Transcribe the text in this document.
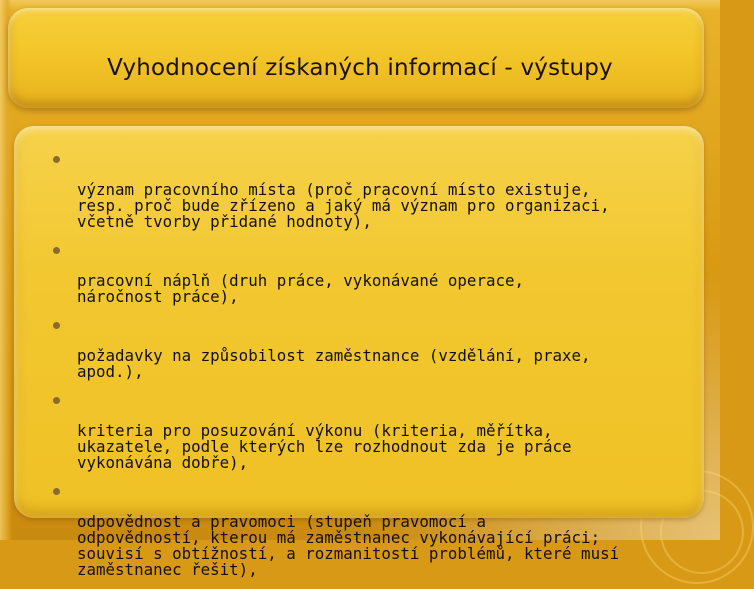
Vyhodnocení získaných informací - výstupy

význam pracovního místa (proč pracovní místo existuje,
resp. proč bude zřízeno a jaký má význam pro organizaci,
včetně tvorby přidané hodnoty),

pracovní náplň (druh práce, vykonávané operace,
náročnost práce),

požadavky na způsobilost zaměstnance (vzdělání, praxe,
apod.),

kriteria pro posuzování výkonu (kriteria, měřítka,
ukazatele, podle kterých lze rozhodnout zda je práce
vykonávána dobře),

odpovědnost a pravomoci (stupeň pravomocí a
odpovědností, kterou má zaměstnanec vykonávající práci;
souvisí s obtížností, a rozmanitostí problémů, které musí
zaměstnanec řešit),
